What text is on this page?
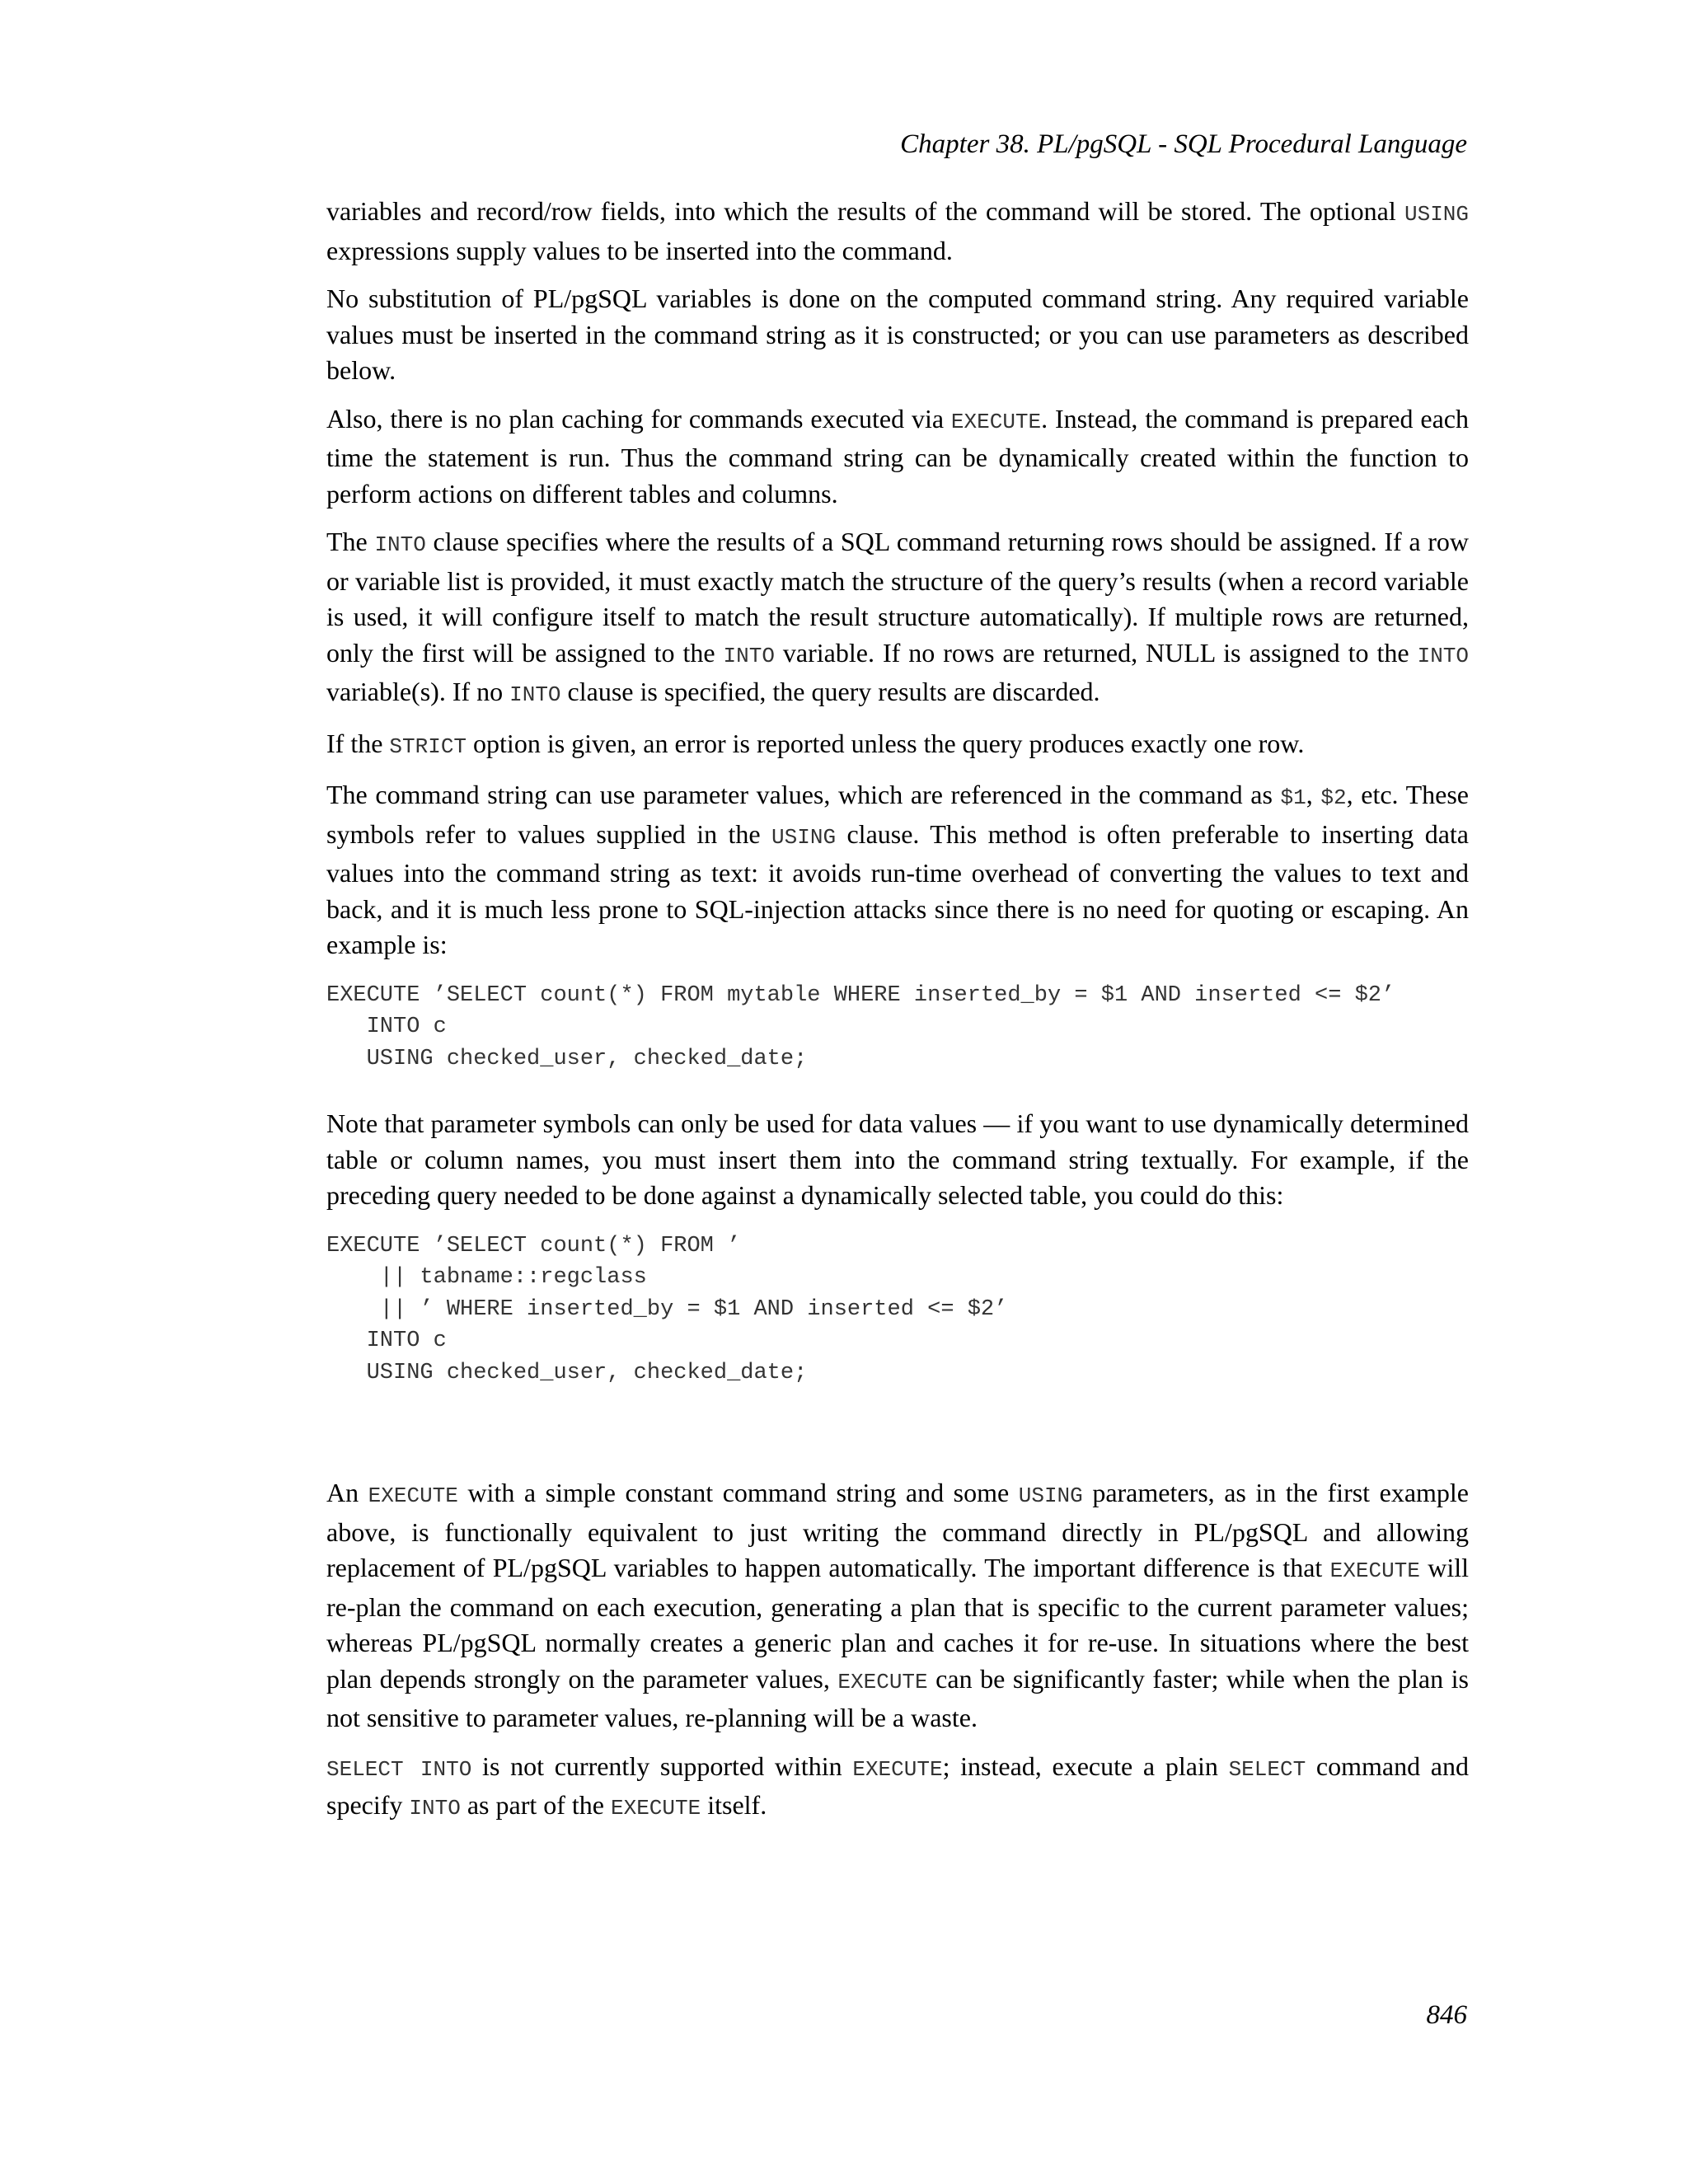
Chapter 38. PL/pgSQL - SQL Procedural Language

variables and record/row fields, into which the results of the command will be stored. The optional USING expressions supply values to be inserted into the command.

No substitution of PL/pgSQL variables is done on the computed command string. Any required variable values must be inserted in the command string as it is constructed; or you can use parameters as described below.

Also, there is no plan caching for commands executed via EXECUTE. Instead, the command is prepared each time the statement is run. Thus the command string can be dynamically created within the function to perform actions on different tables and columns.

The INTO clause specifies where the results of a SQL command returning rows should be assigned. If a row or variable list is provided, it must exactly match the structure of the query’s results (when a record variable is used, it will configure itself to match the result structure automatically). If multiple rows are returned, only the first will be assigned to the INTO variable. If no rows are returned, NULL is assigned to the INTO variable(s). If no INTO clause is specified, the query results are discarded.

If the STRICT option is given, an error is reported unless the query produces exactly one row.

The command string can use parameter values, which are referenced in the command as $1, $2, etc. These symbols refer to values supplied in the USING clause. This method is often preferable to inserting data values into the command string as text: it avoids run-time overhead of converting the values to text and back, and it is much less prone to SQL-injection attacks since there is no need for quoting or escaping. An example is:

EXECUTE ’SELECT count(*) FROM mytable WHERE inserted_by = $1 AND inserted <= $2’
INTO c
USING checked_user, checked_date;

Note that parameter symbols can only be used for data values — if you want to use dynamically determined table or column names, you must insert them into the command string textually. For example, if the preceding query needed to be done against a dynamically selected table, you could do this:

EXECUTE ’SELECT count(*) FROM ’
|| tabname::regclass
|| ’ WHERE inserted_by = $1 AND inserted <= $2’
INTO c
USING checked_user, checked_date;

An EXECUTE with a simple constant command string and some USING parameters, as in the first example above, is functionally equivalent to just writing the command directly in PL/pgSQL and allowing replacement of PL/pgSQL variables to happen automatically. The important difference is that EXECUTE will re-plan the command on each execution, generating a plan that is specific to the current parameter values; whereas PL/pgSQL normally creates a generic plan and caches it for re-use. In situations where the best plan depends strongly on the parameter values, EXECUTE can be significantly faster; while when the plan is not sensitive to parameter values, re-planning will be a waste.

SELECT INTO is not currently supported within EXECUTE; instead, execute a plain SELECT command and specify INTO as part of the EXECUTE itself.

846
